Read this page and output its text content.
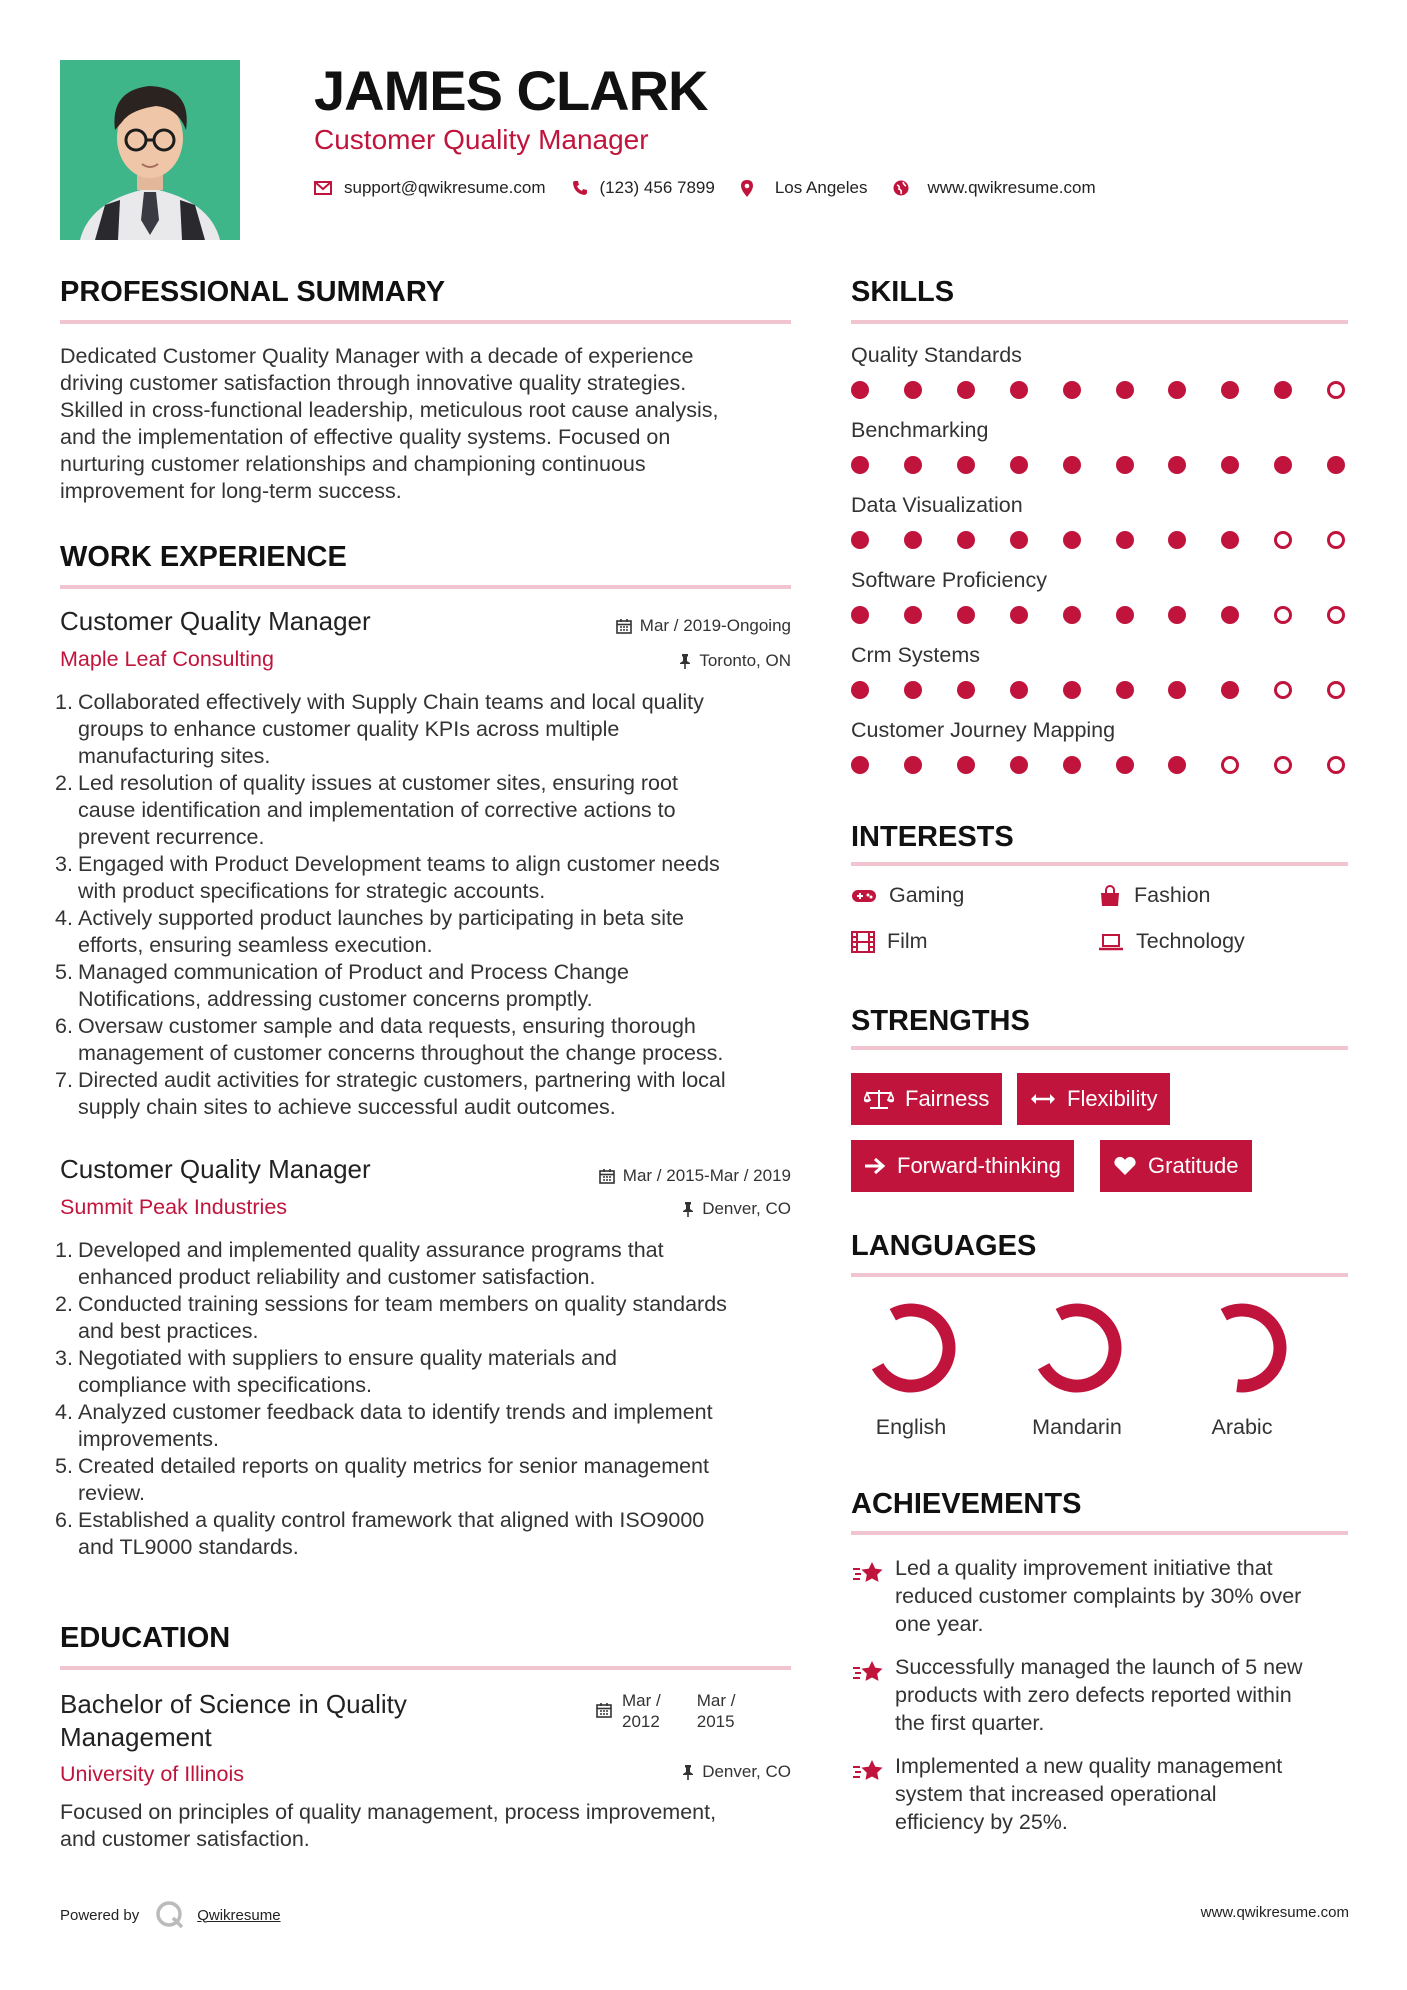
JAMES CLARK
Customer Quality Manager
support@qwikresume.com	(123) 456 7899	Los Angeles	www.qwikresume.com
PROFESSIONAL SUMMARY
Dedicated Customer Quality Manager with a decade of experience
driving customer satisfaction through innovative quality strategies.
Skilled in cross-functional leadership, meticulous root cause analysis,
and the implementation of effective quality systems. Focused on
nurturing customer relationships and championing continuous
improvement for long-term success.
WORK EXPERIENCE
Customer Quality Manager
Maple Leaf Consulting
Mar / 2019-Ongoing
Toronto, ON
1. Collaborated effectively with Supply Chain teams and local quality
groups to enhance customer quality KPIs across multiple
manufacturing sites.
2. Led resolution of quality issues at customer sites, ensuring root
cause identification and implementation of corrective actions to
prevent recurrence.
3. Engaged with Product Development teams to align customer needs
with product specifications for strategic accounts.
4. Actively supported product launches by participating in beta site
efforts, ensuring seamless execution.
5. Managed communication of Product and Process Change
Notifications, addressing customer concerns promptly.
6. Oversaw customer sample and data requests, ensuring thorough
management of customer concerns throughout the change process.
7. Directed audit activities for strategic customers, partnering with local
supply chain sites to achieve successful audit outcomes.
Customer Quality Manager
Summit Peak Industries
Mar / 2015-Mar / 2019
Denver, CO
1. Developed and implemented quality assurance programs that
enhanced product reliability and customer satisfaction.
2. Conducted training sessions for team members on quality standards
and best practices.
3. Negotiated with suppliers to ensure quality materials and
compliance with specifications.
4. Analyzed customer feedback data to identify trends and implement
improvements.
5. Created detailed reports on quality metrics for senior management
review.
6. Established a quality control framework that aligned with ISO9000
and TL9000 standards.
EDUCATION
Bachelor of Science in Quality
Management
University of Illinois
Mar /
2012
Mar /
2015
Denver, CO
Focused on principles of quality management, process improvement,
and customer satisfaction.
SKILLS
Quality Standards
Benchmarking
Data Visualization
Software Proficiency
Crm Systems
Customer Journey Mapping
INTERESTS
Gaming	Fashion
Film	Technology
STRENGTHS
Fairness	Flexibility
Forward-thinking	Gratitude
LANGUAGES
English	Mandarin	Arabic
ACHIEVEMENTS
Led a quality improvement initiative that
reduced customer complaints by 30% over
one year.
Successfully managed the launch of 5 new
products with zero defects reported within
the first quarter.
Implemented a new quality management
system that increased operational
efficiency by 25%.
Powered by	Qwikresume	www.qwikresume.com
